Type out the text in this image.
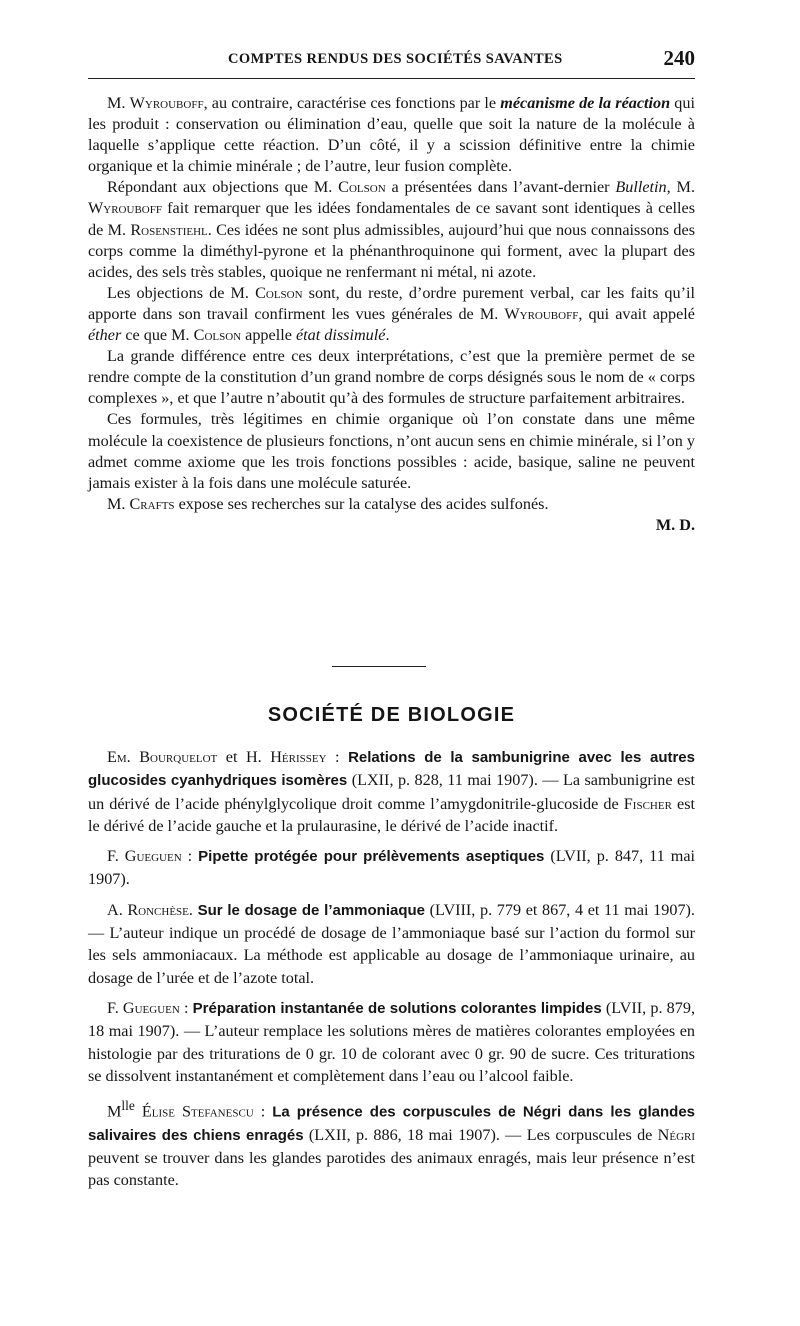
COMPTES RENDUS DES SOCIÉTÉS SAVANTES	240

M. Wyrouboff, au contraire, caractérise ces fonctions par le mécanisme de la réaction qui les produit : conservation ou élimination d’eau, quelle que soit la nature de la molécule à laquelle s’applique cette réaction. D’un côté, il y a scission définitive entre la chimie organique et la chimie minérale ; de l’autre, leur fusion complète.

Répondant aux objections que M. Colson a présentées dans l’avant-dernier Bulletin, M. Wyrouboff fait remarquer que les idées fondamentales de ce savant sont identiques à celles de M. Rosenstiehl. Ces idées ne sont plus admissibles, aujourd’hui que nous connaissons des corps comme la diméthyl-pyrone et la phénanthroquinone qui forment, avec la plupart des acides, des sels très stables, quoique ne renfermant ni métal, ni azote.

Les objections de M. Colson sont, du reste, d’ordre purement verbal, car les faits qu’il apporte dans son travail confirment les vues générales de M. Wyrouboff, qui avait appelé éther ce que M. Colson appelle état dissimulé.

La grande différence entre ces deux interprétations, c’est que la première permet de se rendre compte de la constitution d’un grand nombre de corps désignés sous le nom de « corps complexes », et que l’autre n’aboutit qu’à des formules de structure parfaitement arbitraires.

Ces formules, très légitimes en chimie organique où l’on constate dans une même molécule la coexistence de plusieurs fonctions, n’ont aucun sens en chimie minérale, si l’on y admet comme axiome que les trois fonctions possibles : acide, basique, saline ne peuvent jamais exister à la fois dans une molécule saturée.

M. Crafts expose ses recherches sur la catalyse des acides sulfonés.

M. D.

SOCIÉTÉ DE BIOLOGIE

Em. Bourquelot et H. Hérissey : Relations de la sambunigrine avec les autres glucosides cyanhydriques isomères (LXII, p. 828, 11 mai 1907). — La sambunigrine est un dérivé de l’acide phénylglycolique droit comme l’amygdonitrile-glucoside de Fischer est le dérivé de l’acide gauche et la prulaurasine, le dérivé de l’acide inactif.

F. Gueguen : Pipette protégée pour prélèvements aseptiques (LVII, p. 847, 11 mai 1907).

A. Ronchèse. Sur le dosage de l’ammoniaque (LVIII, p. 779 et 867, 4 et 11 mai 1907). — L’auteur indique un procédé de dosage de l’ammoniaque basé sur l’action du formol sur les sels ammoniacaux. La méthode est applicable au dosage de l’ammoniaque urinaire, au dosage de l’urée et de l’azote total.

F. Gueguen : Préparation instantanée de solutions colorantes limpides (LVII, p. 879, 18 mai 1907). — L’auteur remplace les solutions mères de matières colorantes employées en histologie par des triturations de 0 gr. 10 de colorant avec 0 gr. 90 de sucre. Ces triturations se dissolvent instantanément et complètement dans l’eau ou l’alcool faible.

$M^{lle}$ Élise Stefanescu : La présence des corpuscules de Négri dans les glandes salivaires des chiens enragés (LXII, p. 886, 18 mai 1907). — Les corpuscules de Négri peuvent se trouver dans les glandes parotides des animaux enragés, mais leur présence n’est pas constante.
